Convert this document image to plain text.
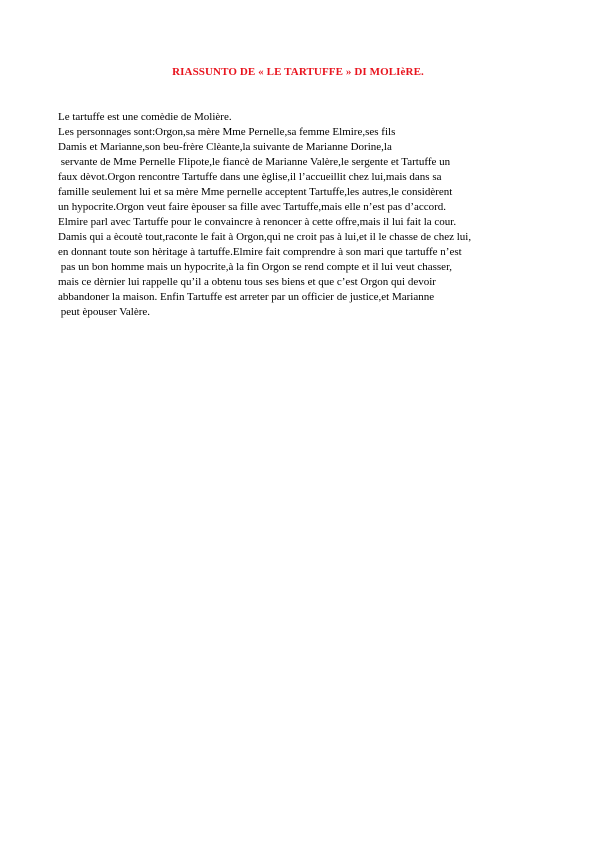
RIASSUNTO DE « LE TARTUFFE » DI MOLIèRE.
Le tartuffe est une comèdie de Molière.
Les personnages sont:Orgon,sa mère Mme Pernelle,sa femme Elmire,ses fils
Damis et Marianne,son beu-frère Clèante,la suivante de Marianne Dorine,la
servante de Mme Pernelle Flipote,le fiancè de Marianne Valère,le sergente et Tartuffe un
faux dèvot.Orgon rencontre Tartuffe dans une èglise,il l’accueillit chez lui,mais dans sa
famille seulement lui et sa mère Mme pernelle acceptent Tartuffe,les autres,le considèrent
un hypocrite.Orgon veut faire èpouser sa fille avec Tartuffe,mais elle n’est pas d’accord.
Elmire parl avec Tartuffe pour le convaincre à renoncer à cette offre,mais il lui fait la cour.
Damis qui a ècoutè tout,raconte le fait à Orgon,qui ne croit pas à lui,et il le chasse de chez lui,
en donnant toute son hèritage à tartuffe.Elmire fait comprendre à son mari que tartuffe n’est
pas un bon homme mais un hypocrite,à la fin Orgon se rend compte et il lui veut chasser,
mais ce dèrnier lui rappelle qu’il a obtenu tous ses biens et que c’est Orgon qui devoir
abbandoner la maison. Enfin Tartuffe est arreter par un officier de justice,et Marianne
peut èpouser Valère.
